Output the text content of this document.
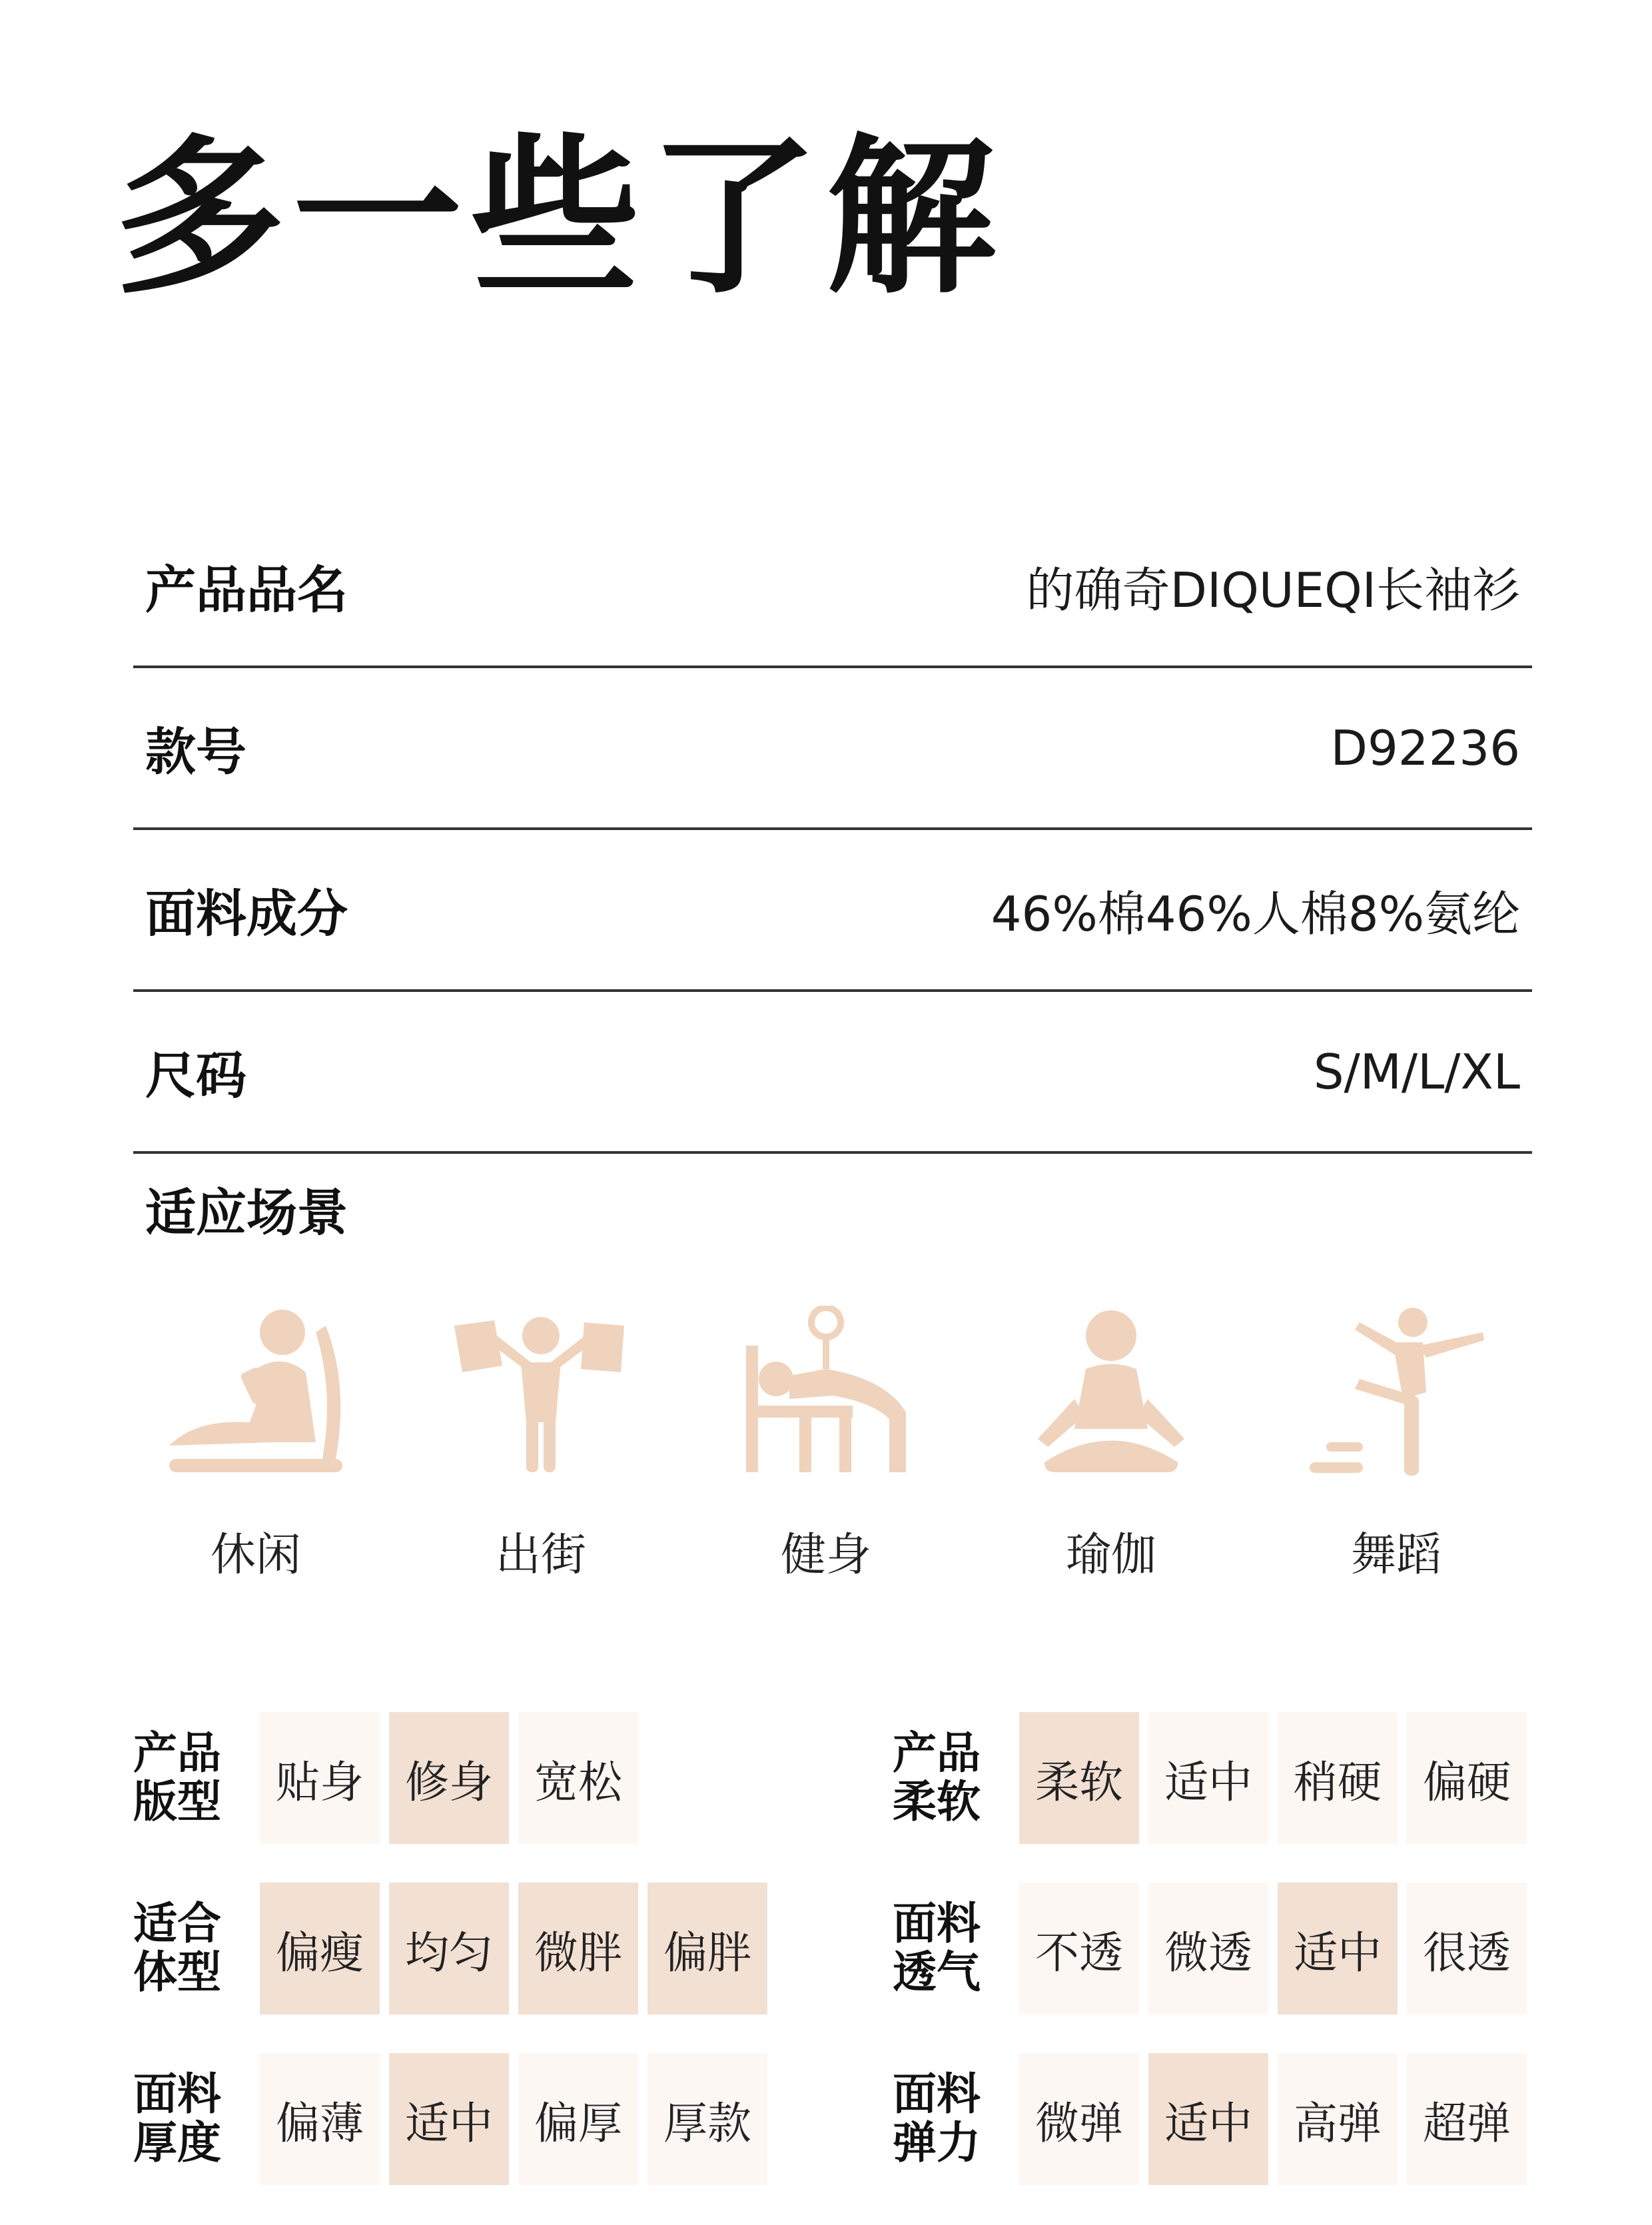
多一些了解
产品品名	的确奇DIQUEQI长袖衫
款号	D92236
面料成分	46%棉46%人棉8%氨纶
尺码	S/M/L/XL
适应场景
休闲	出街	健身	瑜伽	舞蹈
产品
版型	贴身 修身 宽松
产品
柔软	柔软 适中 稍硬 偏硬
适合
体型	偏瘦 均匀 微胖 偏胖
面料
透气	不透 微透 适中 很透
面料
厚度	偏薄 适中 偏厚 厚款
面料
弹力	微弹 适中 高弹 超弹
